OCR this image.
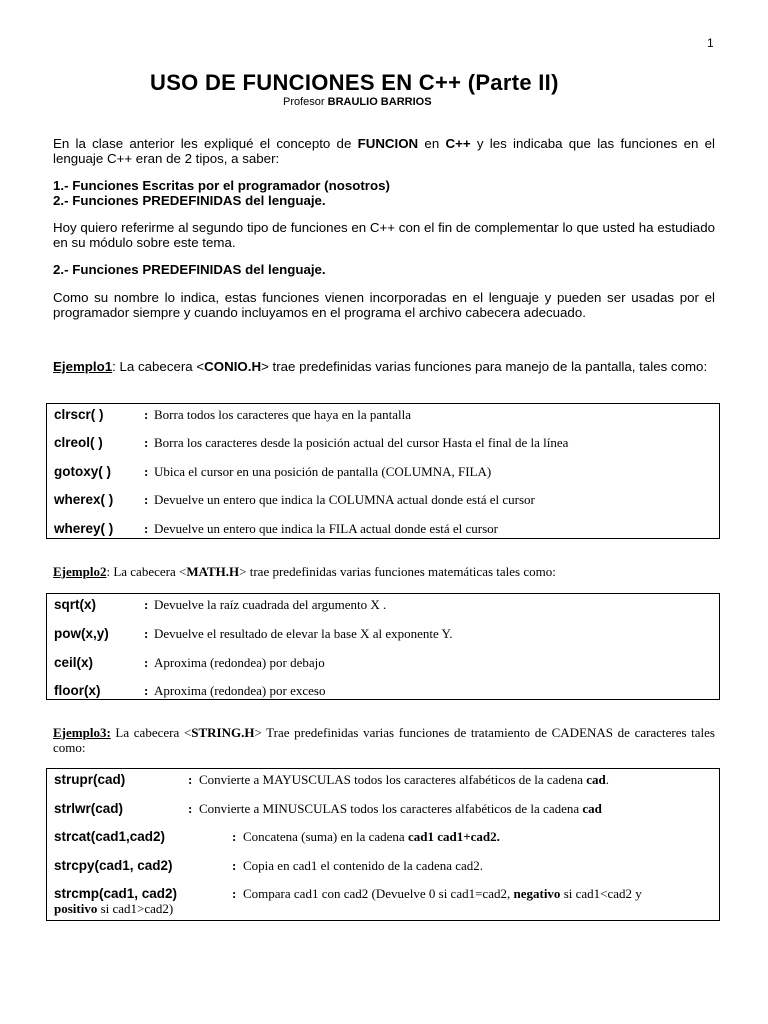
1
USO DE FUNCIONES EN C++ (Parte II)
Profesor BRAULIO BARRIOS
En la clase anterior les expliqué el concepto de FUNCION en C++ y les indicaba que las funciones en el lenguaje C++ eran de 2 tipos, a saber:
1.- Funciones Escritas por el programador (nosotros)
2.- Funciones PREDEFINIDAS del lenguaje.
Hoy quiero referirme al segundo tipo de funciones en C++ con el fin de complementar lo que usted ha estudiado en su módulo sobre este tema.
2.- Funciones PREDEFINIDAS del lenguaje.
Como su nombre lo indica, estas funciones vienen incorporadas en el lenguaje y pueden ser usadas por el programador siempre y cuando incluyamos en el programa el archivo cabecera adecuado.
Ejemplo1: La cabecera <CONIO.H> trae predefinidas varias funciones para manejo de la pantalla, tales como:
clrscr( )	: Borra todos los caracteres que haya en la pantalla
clreol( )	: Borra los caracteres desde la posición actual del cursor Hasta el final de la línea
gotoxy( )	: Ubica el cursor en una posición de pantalla (COLUMNA, FILA)
wherex( ) : Devuelve un entero que indica la COLUMNA actual donde está el cursor
wherey( ) : Devuelve un entero que indica la FILA actual donde está el cursor
Ejemplo2: La cabecera <MATH.H> trae predefinidas varias funciones matemáticas tales como:
sqrt(x)	: Devuelve la raíz cuadrada del argumento X .
pow(x,y)	: Devuelve el resultado de elevar la base X al exponente Y.
ceil(x)	: Aproxima (redondea) por debajo
floor(x)	: Aproxima (redondea) por exceso
Ejemplo3: La cabecera <STRING.H> Trae predefinidas varias funciones de tratamiento de CADENAS de caracteres tales como:
strupr(cad)	: Convierte a MAYUSCULAS todos los caracteres alfabéticos de la cadena cad.
strlwr(cad)	: Convierte a MINUSCULAS todos los caracteres alfabéticos de la cadena cad
strcat(cad1,cad2)	: Concatena (suma) en la cadena cad1 cad1+cad2.
strcpy(cad1, cad2)	: Copia en cad1 el contenido de la cadena cad2.
strcmp(cad1, cad2)	: Compara cad1 con cad2 (Devuelve 0 si cad1=cad2, negativo si cad1<cad2 y
positivo si cad1>cad2)
